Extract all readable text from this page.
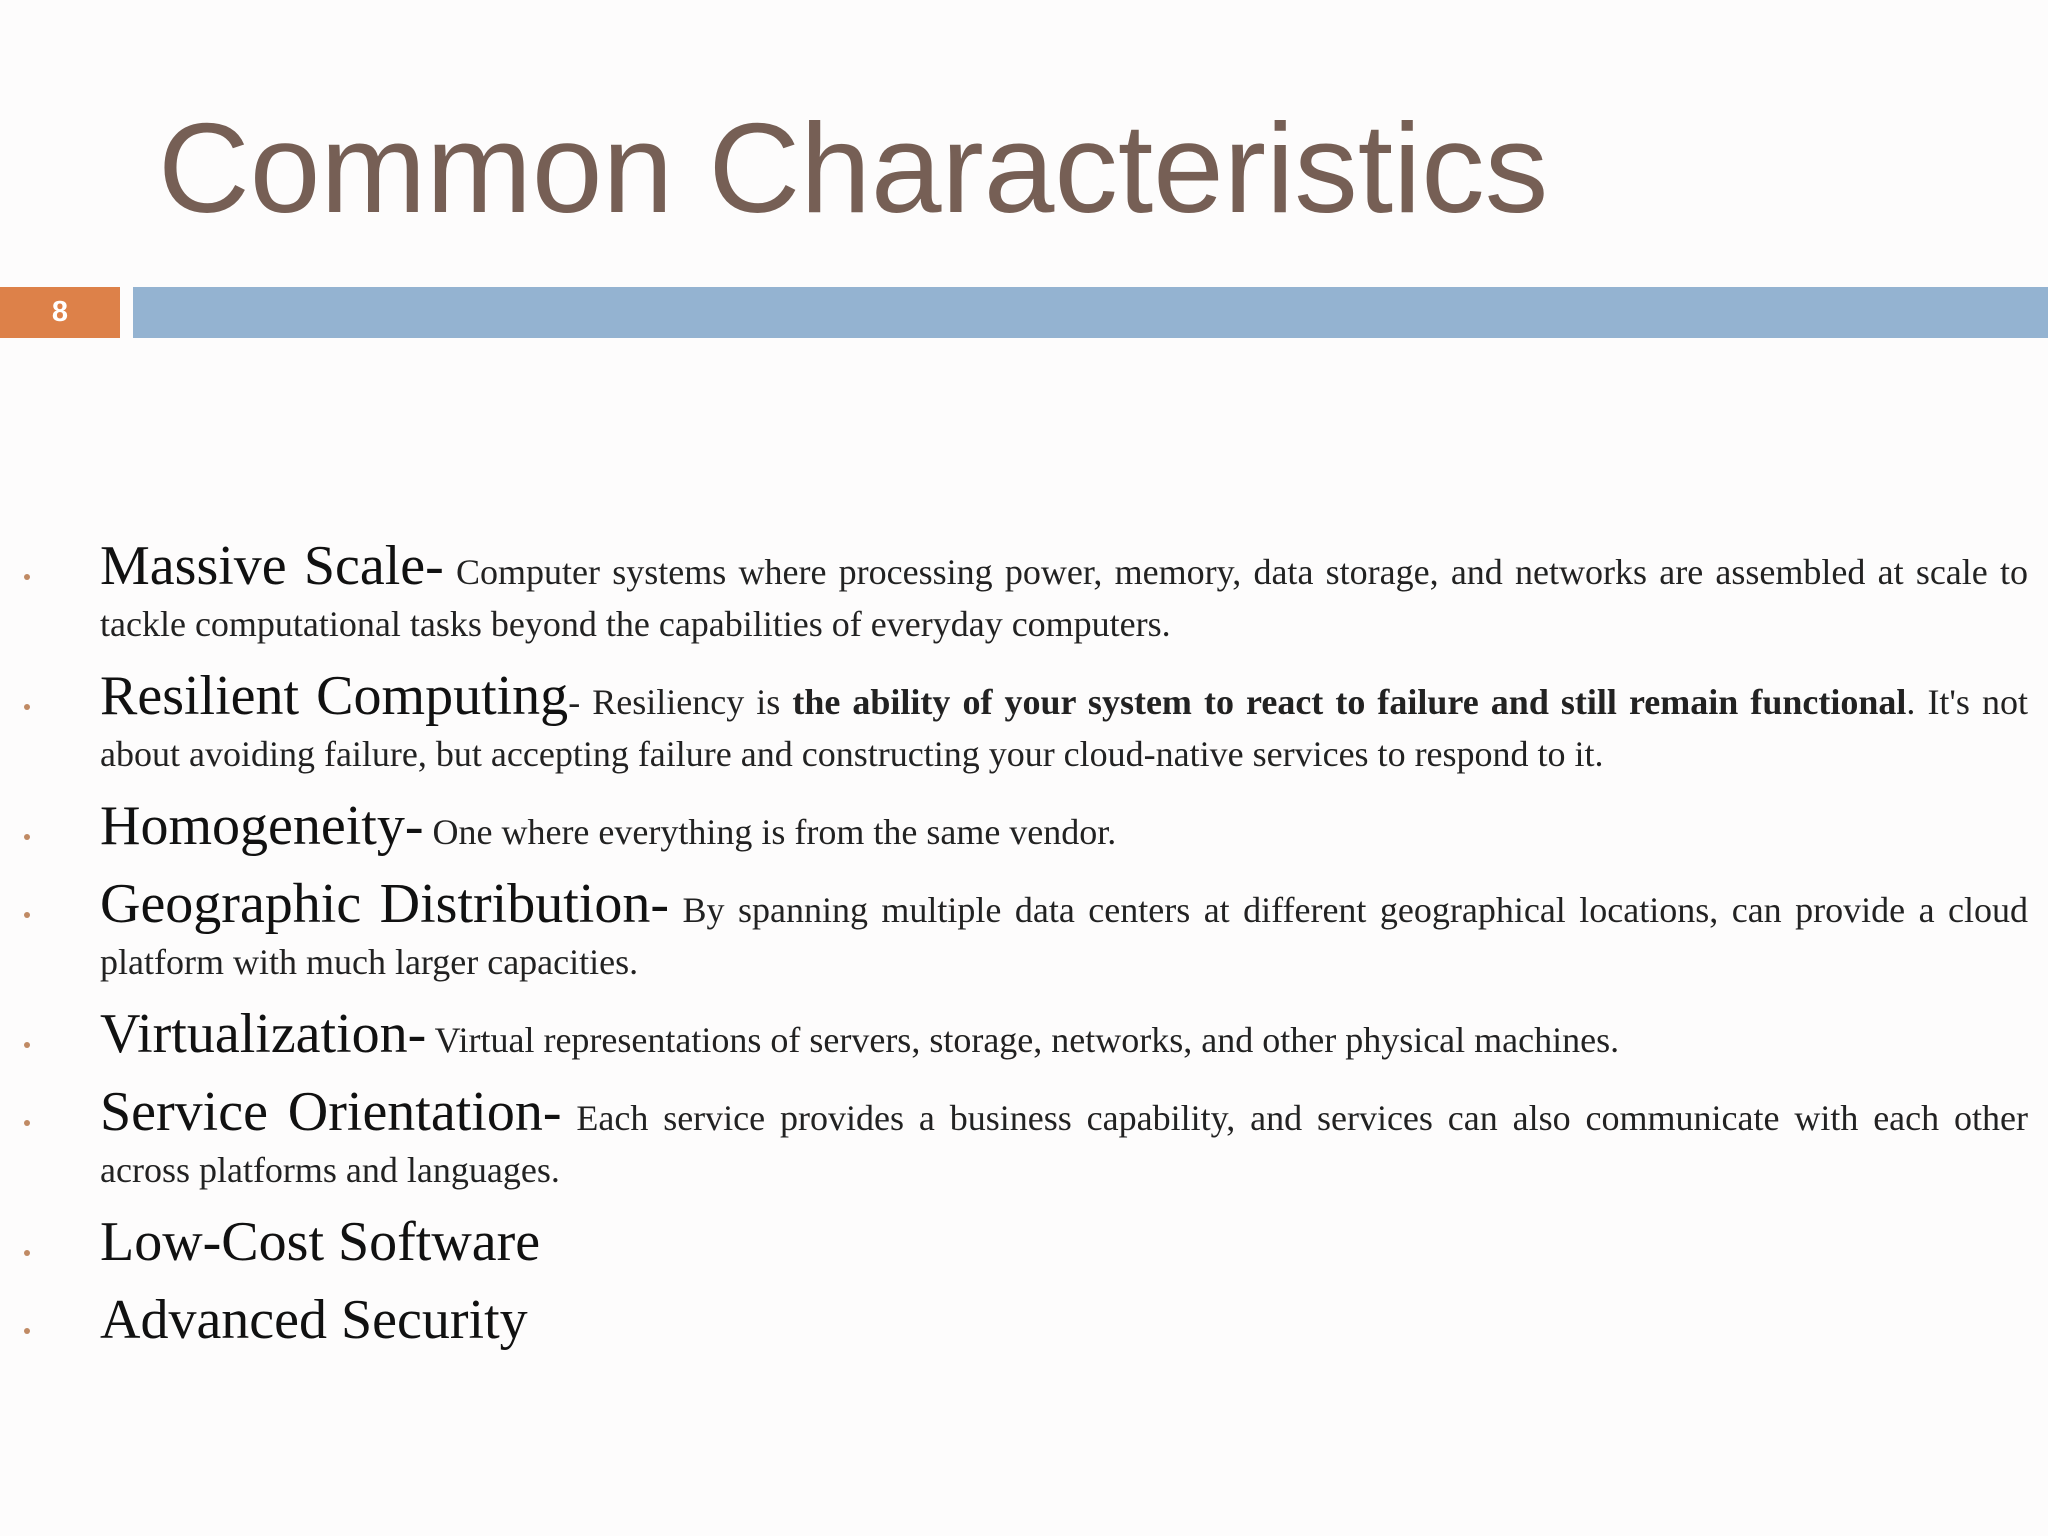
Common Characteristics
8
Massive Scale- Computer systems where processing power, memory, data storage, and networks are assembled at scale to tackle computational tasks beyond the capabilities of everyday computers.
Resilient Computing- Resiliency is the ability of your system to react to failure and still remain functional. It's not about avoiding failure, but accepting failure and constructing your cloud-native services to respond to it.
Homogeneity- One where everything is from the same vendor.
Geographic Distribution- By spanning multiple data centers at different geographical locations, can provide a cloud platform with much larger capacities.
Virtualization- Virtual representations of servers, storage, networks, and other physical machines.
Service Orientation- Each service provides a business capability, and services can also communicate with each other across platforms and languages.
Low-Cost Software
Advanced Security
